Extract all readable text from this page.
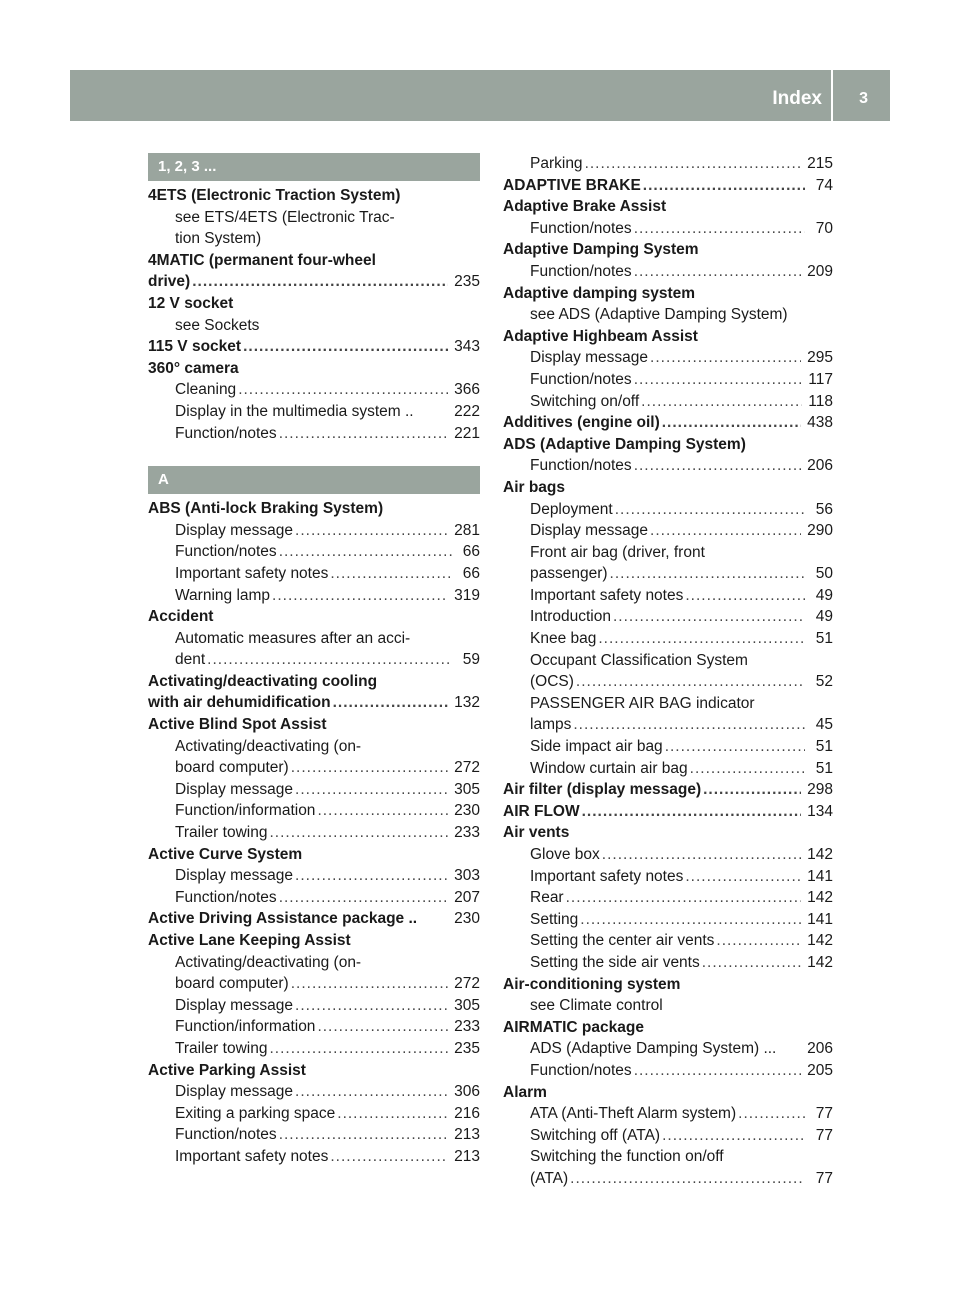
Index 3
1, 2, 3 ...
4ETS (Electronic Traction System)
see ETS/4ETS (Electronic Trac-
tion System)
4MATIC (permanent four-wheel
drive) .....	235
12 V socket
see Sockets
115 V socket .....	343
360° camera
Cleaning .....	366
Display in the multimedia system ..	222
Function/notes .....	221
A
ABS (Anti-lock Braking System)
Display message .....	281
Function/notes .....	66
Important safety notes .....	66
Warning lamp .....	319
Accident
Automatic measures after an acci-
dent .....	59
Activating/deactivating cooling
with air dehumidification .....	132
Active Blind Spot Assist
Activating/deactivating (on-
board computer) .....	272
Display message .....	305
Function/information .....	230
Trailer towing .....	233
Active Curve System
Display message .....	303
Function/notes .....	207
Active Driving Assistance package .. 230
Active Lane Keeping Assist
Activating/deactivating (on-
board computer) .....	272
Display message .....	305
Function/information .....	233
Trailer towing .....	235
Active Parking Assist
Display message .....	306
Exiting a parking space .....	216
Function/notes .....	213
Important safety notes .....	213
Parking .....	215
ADAPTIVE BRAKE .....	74
Adaptive Brake Assist
Function/notes .....	70
Adaptive Damping System
Function/notes .....	209
Adaptive damping system
see ADS (Adaptive Damping System)
Adaptive Highbeam Assist
Display message .....	295
Function/notes .....	117
Switching on/off .....	118
Additives (engine oil) .....	438
ADS (Adaptive Damping System)
Function/notes .....	206
Air bags
Deployment .....	56
Display message .....	290
Front air bag (driver, front
passenger) .....	50
Important safety notes .....	49
Introduction .....	49
Knee bag .....	51
Occupant Classification System
(OCS) .....	52
PASSENGER AIR BAG indicator
lamps .....	45
Side impact air bag .....	51
Window curtain air bag .....	51
Air filter (display message) .....	298
AIR FLOW .....	134
Air vents
Glove box .....	142
Important safety notes .....	141
Rear .....	142
Setting .....	141
Setting the center air vents .....	142
Setting the side air vents .....	142
Air-conditioning system
see Climate control
AIRMATIC package
ADS (Adaptive Damping System) ... 206
Function/notes .....	205
Alarm
ATA (Anti-Theft Alarm system) .....	77
Switching off (ATA) .....	77
Switching the function on/off
(ATA) .....	77
